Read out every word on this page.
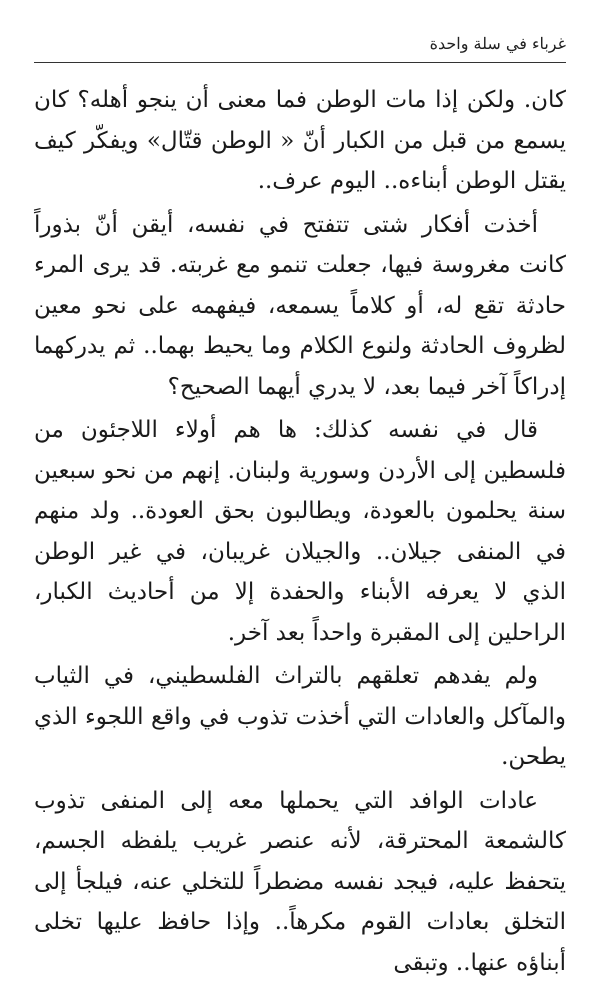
غرباء في سلة واحدة

كان. ولكن إذا مات الوطن فما معنى أن ينجو أهله؟ كان يسمع من قبل من الكبار أنّ « الوطن قتّال» ويفكّر كيف يقتل الوطن أبناءه.. اليوم عرف..

أخذت أفكار شتى تتفتح في نفسه، أيقن أنّ بذوراً كانت مغروسة فيها، جعلت تنمو مع غربته. قد يرى المرء حادثة تقع له، أو كلاماً يسمعه، فيفهمه على نحو معين لظروف الحادثة ولنوع الكلام وما يحيط بهما.. ثم يدركهما إدراكاً آخر فيما بعد، لا يدري أيهما الصحيح؟

قال في نفسه كذلك: ها هم أولاء اللاجئون من فلسطين إلى الأردن وسورية ولبنان. إنهم من نحو سبعين سنة يحلمون بالعودة، ويطالبون بحق العودة.. ولد منهم في المنفى جيلان.. والجيلان غريبان، في غير الوطن الذي لا يعرفه الأبناء والحفدة إلا من أحاديث الكبار، الراحلين إلى المقبرة واحداً بعد آخر.

ولم يفدهم تعلقهم بالتراث الفلسطيني، في الثياب والمآكل والعادات التي أخذت تذوب في واقع اللجوء الذي يطحن.

عادات الوافد التي يحملها معه إلى المنفى تذوب كالشمعة المحترقة، لأنه عنصر غريب يلفظه الجسم، يتحفظ عليه، فيجد نفسه مضطراً للتخلي عنه، فيلجأ إلى التخلق بعادات القوم مكرهاً.. وإذا حافظ عليها تخلى أبناؤه عنها.. وتبقى
